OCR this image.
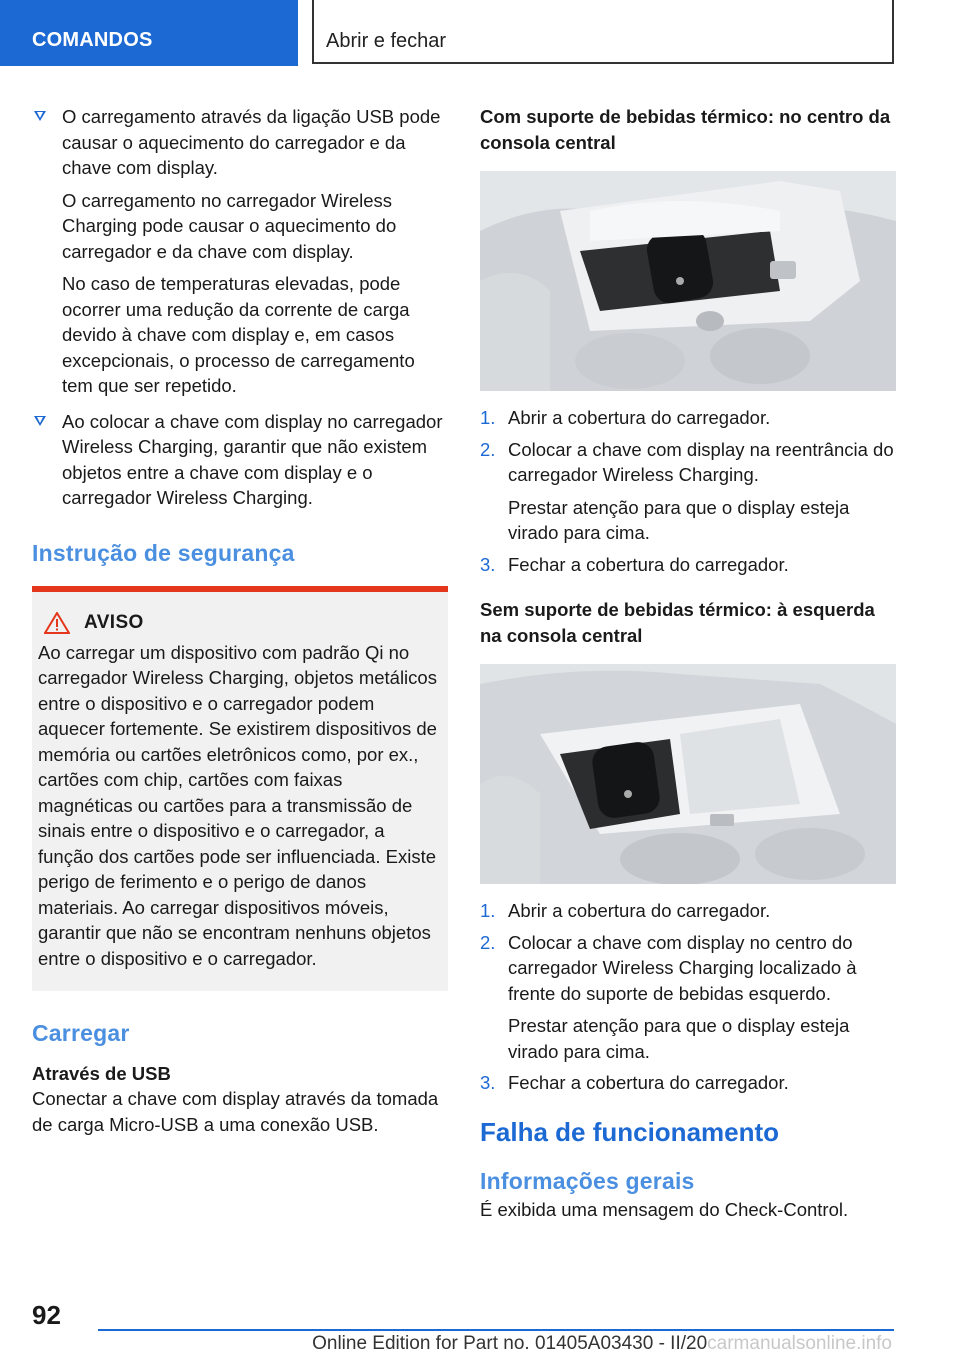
COMANDOS	Abrir e fechar

O carregamento através da ligação USB pode causar o aquecimento do carregador e da chave com display.

O carregamento no carregador Wireless Charging pode causar o aquecimento do carregador e da chave com display.

No caso de temperaturas elevadas, pode ocorrer uma redução da corrente de carga devido à chave com display e, em casos excepcionais, o processo de carregamento tem que ser repetido.

Ao colocar a chave com display no carregador Wireless Charging, garantir que não existem objetos entre a chave com display e o carregador Wireless Charging.

Instrução de segurança
AVISO

Ao carregar um dispositivo com padrão Qi no carregador Wireless Charging, objetos metálicos entre o dispositivo e o carregador podem aquecer fortemente. Se existirem dispositivos de memória ou cartões eletrônicos como, por ex., cartões com chip, cartões com faixas magnéticas ou cartões para a transmissão de sinais entre o dispositivo e o carregador, a função dos cartões pode ser influenciada. Existe perigo de ferimento e o perigo de danos materiais. Ao carregar dispositivos móveis, garantir que não se encontram nenhuns objetos entre o dispositivo e o carregador.

Carregar
Através de USB

Conectar a chave com display através da tomada de carga Micro-USB a uma conexão USB.

Com suporte de bebidas térmico: no centro da consola central
1. Abrir a cobertura do carregador.

2. Colocar a chave com display na reentrância do carregador Wireless Charging.

Prestar atenção para que o display esteja virado para cima.

3. Fechar a cobertura do carregador.

Sem suporte de bebidas térmico: à esquerda na consola central
1. Abrir a cobertura do carregador.

2. Colocar a chave com display no centro do carregador Wireless Charging localizado à frente do suporte de bebidas esquerdo.

Prestar atenção para que o display esteja virado para cima.

3. Fechar a cobertura do carregador.

Falha de funcionamento
Informações gerais

É exibida uma mensagem do Check-Control.

92
Online Edition for Part no. 01405A03430 - II/20carmanualsonline.info
